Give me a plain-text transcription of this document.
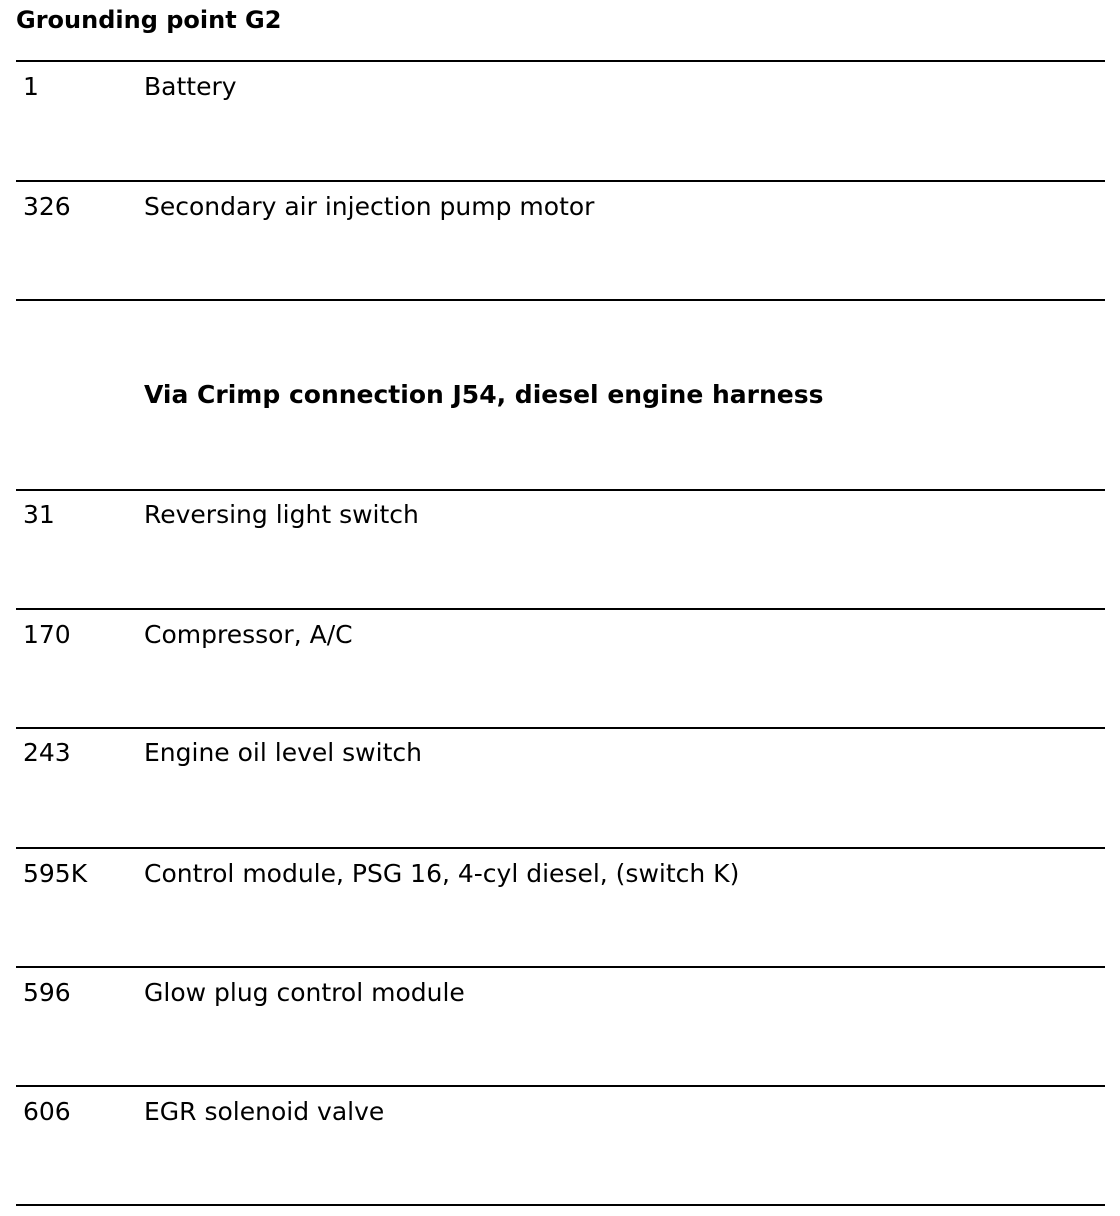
Grounding point G2
1	Battery
326	Secondary air injection pump motor
Via Crimp connection J54, diesel engine harness
31	Reversing light switch
170	Compressor, A/C
243	Engine oil level switch
595K Control module, PSG 16, 4-cyl diesel, (switch K)
596	Glow plug control module
606	EGR solenoid valve
